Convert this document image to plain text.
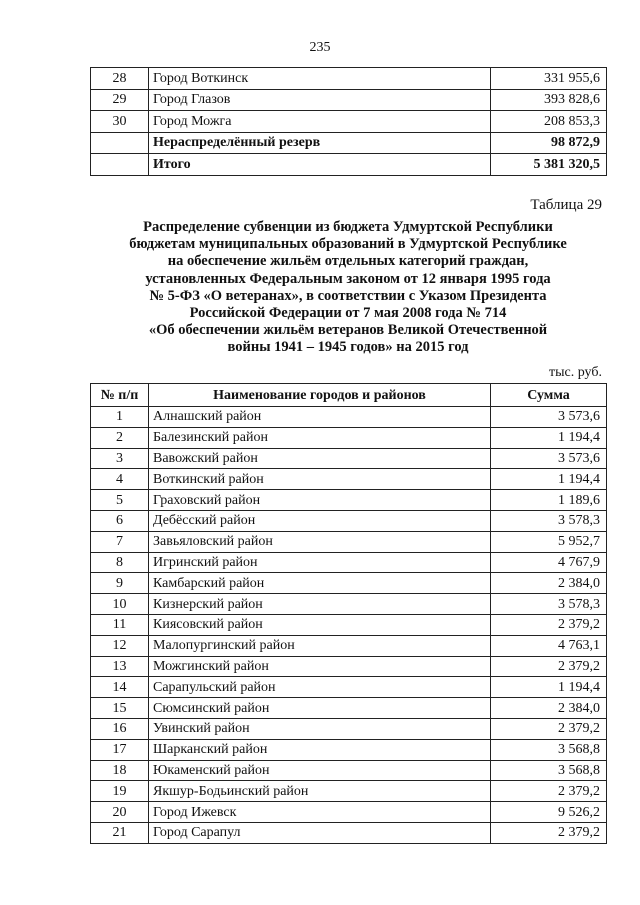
235
28	Город Воткинск	331 955,6
29	Город Глазов	393 828,6
30	Город Можга	208 853,3
	Нераспределённый резерв	98 872,9
	Итого	5 381 320,5
Таблица 29
Распределение субвенции из бюджета Удмуртской Республики
бюджетам муниципальных образований в Удмуртской Республике
на обеспечение жильём отдельных категорий граждан,
установленных Федеральным законом от 12 января 1995 года
№ 5-ФЗ «О ветеранах», в соответствии с Указом Президента
Российской Федерации от 7 мая 2008 года № 714
«Об обеспечении жильём ветеранов Великой Отечественной
войны 1941 – 1945 годов» на 2015 год
тыс. руб.
№ п/п	Наименование городов и районов	Сумма
1	Алнашский район	3 573,6
2	Балезинский район	1 194,4
3	Вавожский район	3 573,6
4	Воткинский район	1 194,4
5	Граховский район	1 189,6
6	Дебёсский район	3 578,3
7	Завьяловский район	5 952,7
8	Игринский район	4 767,9
9	Камбарский район	2 384,0
10	Кизнерский район	3 578,3
11	Киясовский район	2 379,2
12	Малопургинский район	4 763,1
13	Можгинский район	2 379,2
14	Сарапульский район	1 194,4
15	Сюмсинский район	2 384,0
16	Увинский район	2 379,2
17	Шарканский район	3 568,8
18	Юкаменский район	3 568,8
19	Якшур-Бодьинский район	2 379,2
20	Город Ижевск	9 526,2
21	Город Сарапул	2 379,2
